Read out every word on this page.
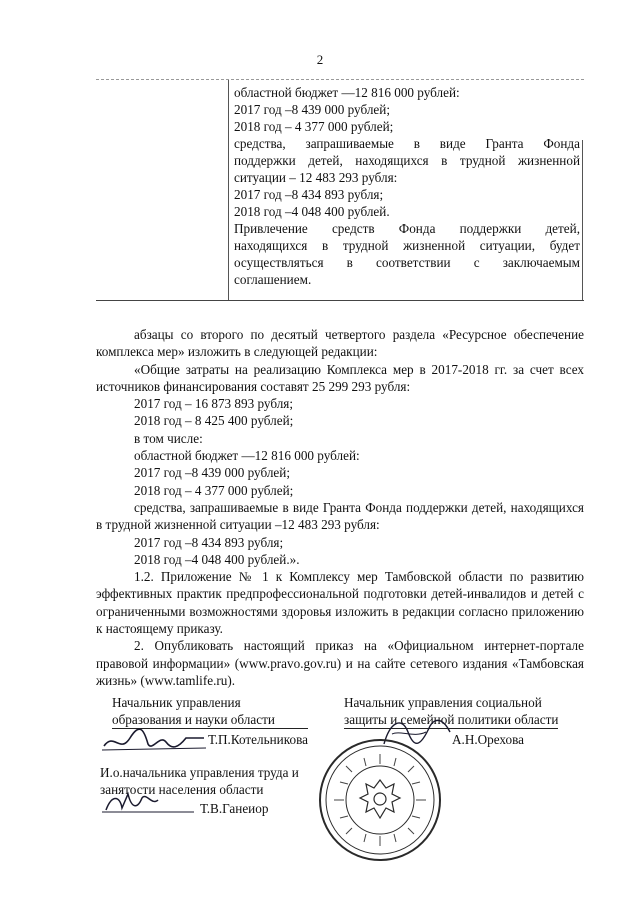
2

областной бюджет —12 816 000 рублей:

2017 год –8 439 000 рублей;

2018 год – 4 377 000 рублей;

средства, запрашиваемые в виде Гранта Фонда

поддержки детей, находящихся в трудной жизненной

ситуации – 12 483 293 рубля:

2017 год –8 434 893 рубля;

2018 год –4 048 400 рублей.

Привлечение средств Фонда поддержки детей,

находящихся в трудной жизненной ситуации, будет

осуществляться в соответствии с заключаемым

соглашением.

абзацы со второго по десятый четвертого раздела «Ресурсное обеспечение комплекса мер» изложить в следующей редакции:

«Общие затраты на реализацию Комплекса мер в 2017-2018 гг. за счет всех источников финансирования составят 25 299 293 рубля:

2017 год – 16 873 893 рубля;

2018 год – 8 425 400 рублей;

в том числе:

областной бюджет —12 816 000 рублей:

2017 год –8 439 000 рублей;

2018 год – 4 377 000 рублей;

средства, запрашиваемые в виде Гранта Фонда поддержки детей, находящихся в трудной жизненной ситуации –12 483 293 рубля:

2017 год –8 434 893 рубля;

2018 год –4 048 400 рублей.».

1.2. Приложение № 1 к Комплексу мер Тамбовской области по развитию эффективных практик предпрофессиональной подготовки детей-инвалидов и детей с ограниченными возможностями здоровья изложить в редакции согласно приложению к настоящему приказу.

2. Опубликовать настоящий приказ на «Официальном интернет-портале правовой информации» (www.pravo.gov.ru) и на сайте сетевого издания «Тамбовская жизнь» (www.tamlife.ru).

Начальник управления
образования и науки области
Т.П.Котельникова
Начальник управления социальной
защиты и семейной политики области
А.Н.Орехова
И.о.начальника управления труда и
занятости населения области
Т.В.Ганеиор
